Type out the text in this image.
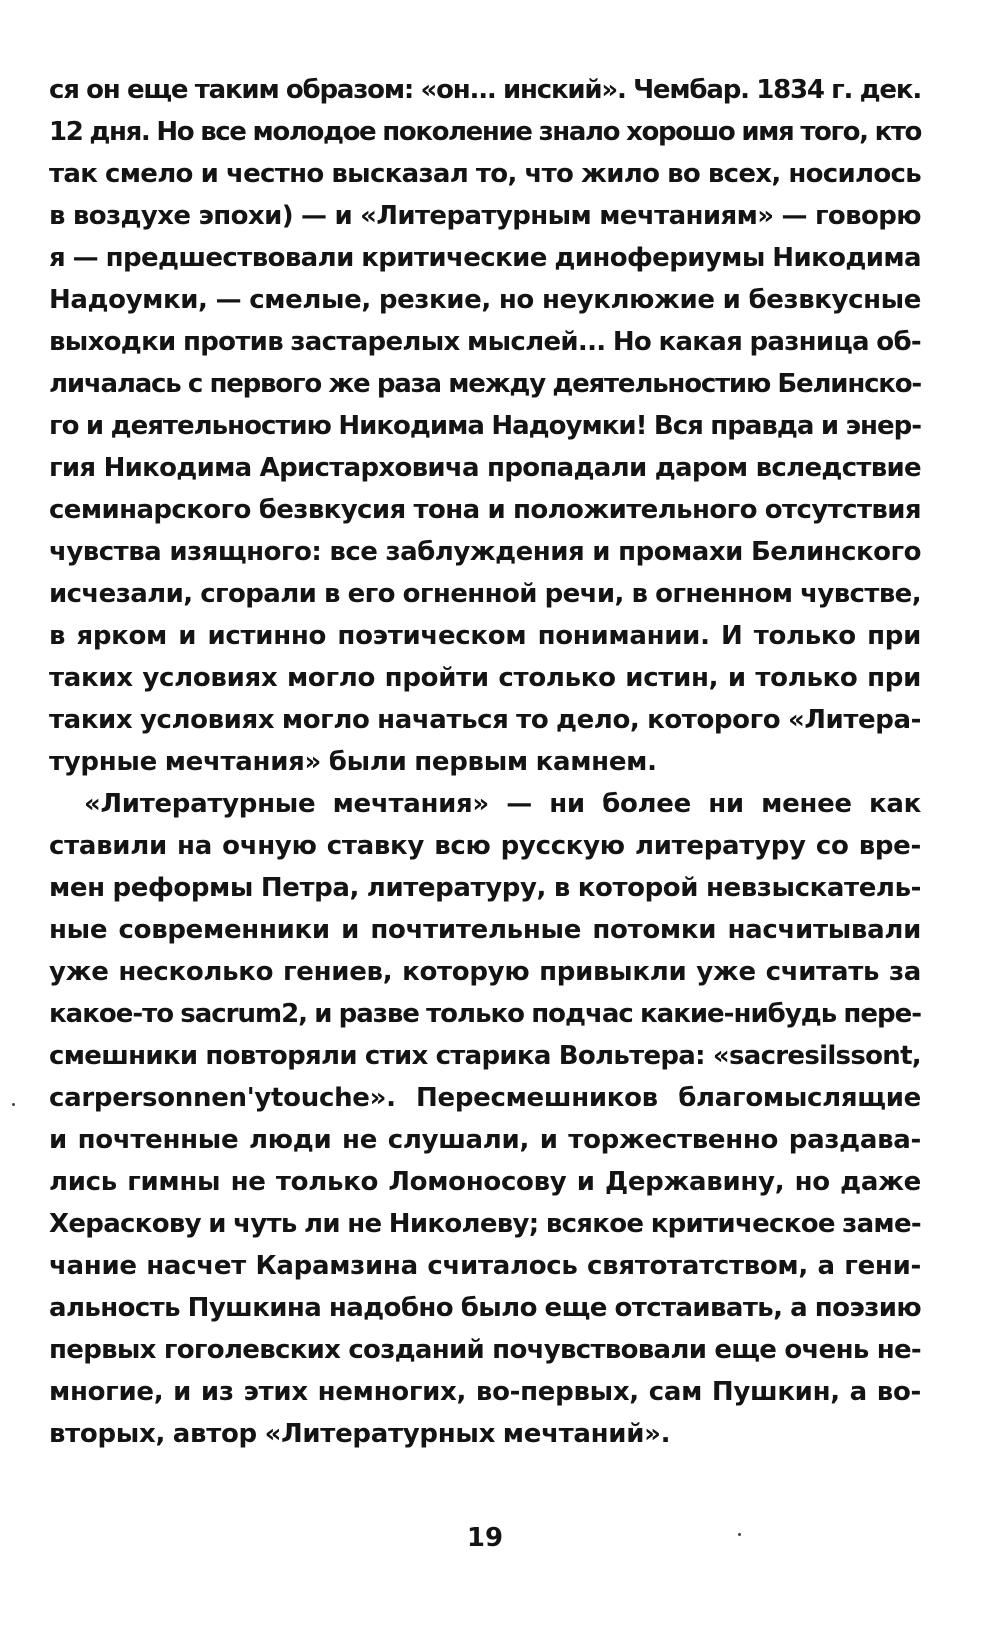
ся он еще таким образом: «он... инский». Чембар. 1834 г. дек.
12 дня. Но все молодое поколение знало хорошо имя того, кто
так смело и честно высказал то, что жило во всех, носилось
в воздухе эпохи) — и «Литературным мечтаниям» — говорю
я — предшествовали критические динофериумы Никодима
Надоумки, — смелые, резкие, но неуклюжие и безвкусные
выходки против застарелых мыслей... Но какая разница об-
личалась с первого же раза между деятельностию Белинско-
го и деятельностию Никодима Надоумки! Вся правда и энер-
гия Никодима Аристарховича пропадали даром вследствие
семинарского безвкусия тона и положительного отсутствия
чувства изящного: все заблуждения и промахи Белинского
исчезали, сгорали в его огненной речи, в огненном чувстве,
в ярком и истинно поэтическом понимании. И только при
таких условиях могло пройти столько истин, и только при
таких условиях могло начаться то дело, которого «Литера-
турные мечтания» были первым камнем.
«Литературные мечтания» — ни более ни менее как
ставили на очную ставку всю русскую литературу со вре-
мен реформы Петра, литературу, в которой невзыскатель-
ные современники и почтительные потомки насчитывали
уже несколько гениев, которую привыкли уже считать за
какое-то sacrum2, и разве только подчас какие-нибудь пере-
смешники повторяли стих старика Вольтера: «sacresilssont,
carpersonnen'ytouche». Пересмешников благомыслящие
и почтенные люди не слушали, и торжественно раздава-
лись гимны не только Ломоносову и Державину, но даже
Хераскову и чуть ли не Николеву; всякое критическое заме-
чание насчет Карамзина считалось святотатством, а гени-
альность Пушкина надобно было еще отстаивать, а поэзию
первых гоголевских созданий почувствовали еще очень не-
многие, и из этих немногих, во-первых, сам Пушкин, а во-
вторых, автор «Литературных мечтаний».
19
